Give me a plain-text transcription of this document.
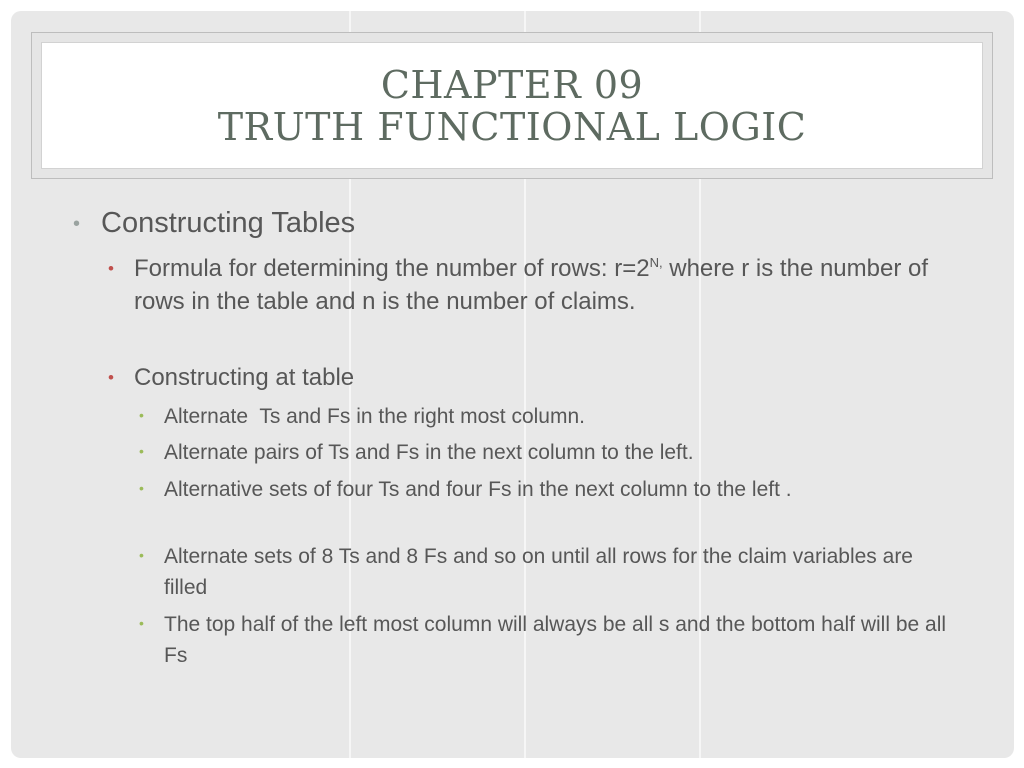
CHAPTER 09
TRUTH FUNCTIONAL LOGIC
• Constructing Tables
• Formula for determining the number of rows: $r=2^{N,}$ where r is the number of rows in the table and n is the number of claims.
• Constructing at table
• Alternate  Ts and Fs in the right most column.
• Alternate pairs of Ts and Fs in the next column to the left.
• Alternative sets of four Ts and four Fs in the next column to the left .
• Alternate sets of 8 Ts and 8 Fs and so on until all rows for the claim variables are filled
• The top half of the left most column will always be all s and the bottom half will be all Fs
